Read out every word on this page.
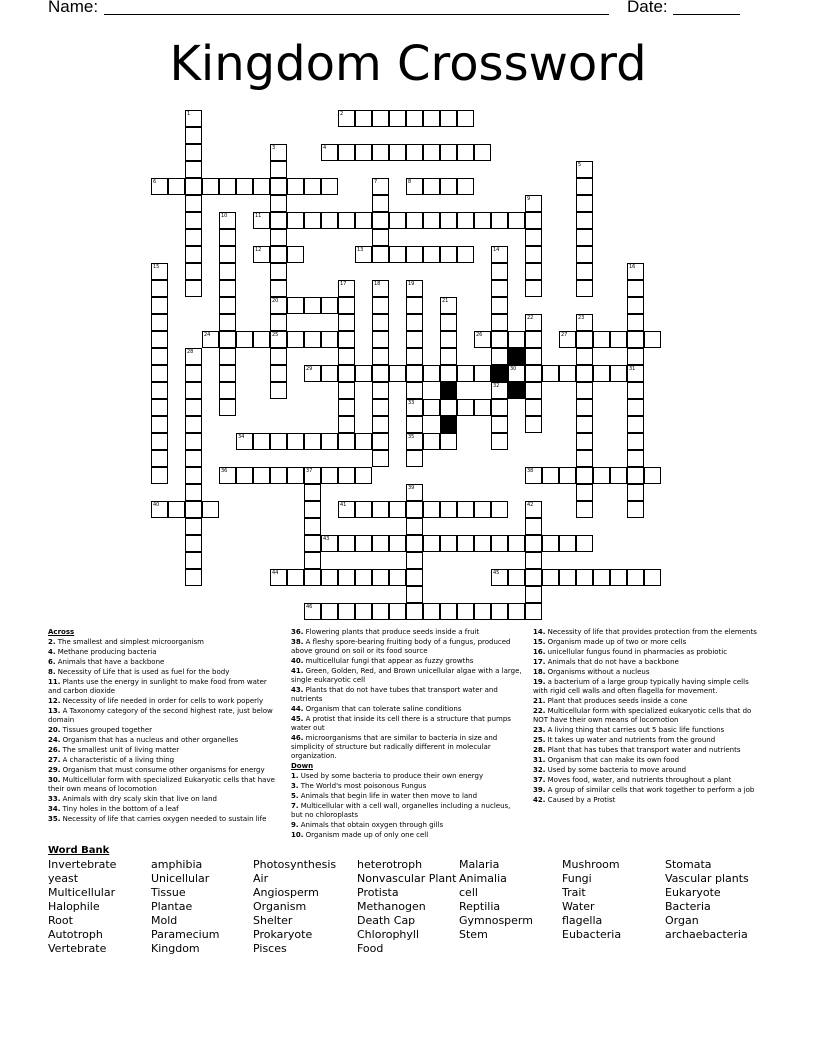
Name:	Date:
Kingdom Crossword
1	2
3
20
25
4
5
6	7	8
9
10	11
12	13	14
32
15	16
31
17	18	19
33
35
21
22	23
24	26	27
28
29	30
34
36	37	38
39
40	41	42
43
44	45
46
Across
2. The smallest and simplest microorganism
4. Methane producing bacteria
6. Animals that have a backbone
8. Necessity of Life that is used as fuel for the body
11. Plants use the energy in sunlight to make food from water and carbon dioxide
12. Necessity of life needed in order for cells to work poperly
13. A Taxonomy category of the second highest rate, just below domain
20. Tissues grouped together
24. Organism that has a nucleus and other organelles
26. The smallest unit of living matter
27. A characteristic of a living thing
29. Organism that must consume other organisms for energy
30. Multicellular form with specialized Eukaryotic cells that have their own means of locomotion
33. Animals with dry scaly skin that live on land
34. Tiny holes in the bottom of a leaf
35. Necessity of life that carries oxygen needed to sustain life
36. Flowering plants that produce seeds inside a fruit
38. A fleshy spore-bearing fruiting body of a fungus, produced above ground on soil or its food source
40. multicellular fungi that appear as fuzzy growths
41. Green, Golden, Red, and Brown unicellular algae with a large, single eukaryotic cell
43. Plants that do not have tubes that transport water and nutrients
44. Organism that can tolerate saline conditions
45. A protist that inside its cell there is a structure that pumps water out
46. microorganisms that are similar to bacteria in size and simplicity of structure but radically different in molecular organization.
Down
1. Used by some bacteria to produce their own energy
3. The World's most poisonous Fungus
5. Animals that begin life in water then move to land
7. Multicellular with a cell wall, organelles including a nucleus, but no chloroplasts
9. Animals that obtain oxygen through gills
10. Organism made up of only one cell
14. Necessity of life that provides protection from the elements
15. Organism made up of two or more cells
16. unicellular fungus found in pharmacies as probiotic
17. Animals that do not have a backbone
18. Organisms without a nucleus
19. a bacterium of a large group typically having simple cells with rigid cell walls and often flagella for movement.
21. Plant that produces seeds inside a cone
22. Multicellular form with specialized eukaryotic cells that do NOT have their own means of locomotion
23. A living thing that carries out 5 basic life functions
25. It takes up water and nutrients from the ground
28. Plant that has tubes that transport water and nutrients
31. Organism that can make its own food
32. Used by some bacteria to move around
37. Moves food, water, and nutrients throughout a plant
39. A group of similar cells that work together to perform a job
42. Caused by a Protist
Word Bank
Invertebrate
yeast
Multicellular
Halophile
Root
Autotroph
Vertebrate
amphibia
Unicellular
Tissue
Plantae
Mold
Paramecium
Kingdom
Photosynthesis
Air
Angiosperm
Organism
Shelter
Prokaryote
Pisces
heterotroph
Nonvascular Plant
Protista
Methanogen
Death Cap
Chlorophyll
Food
Malaria
Animalia
cell
Reptilia
Gymnosperm
Stem
Mushroom
Fungi
Trait
Water
flagella
Eubacteria
Stomata
Vascular plants
Eukaryote
Bacteria
Organ
archaebacteria
